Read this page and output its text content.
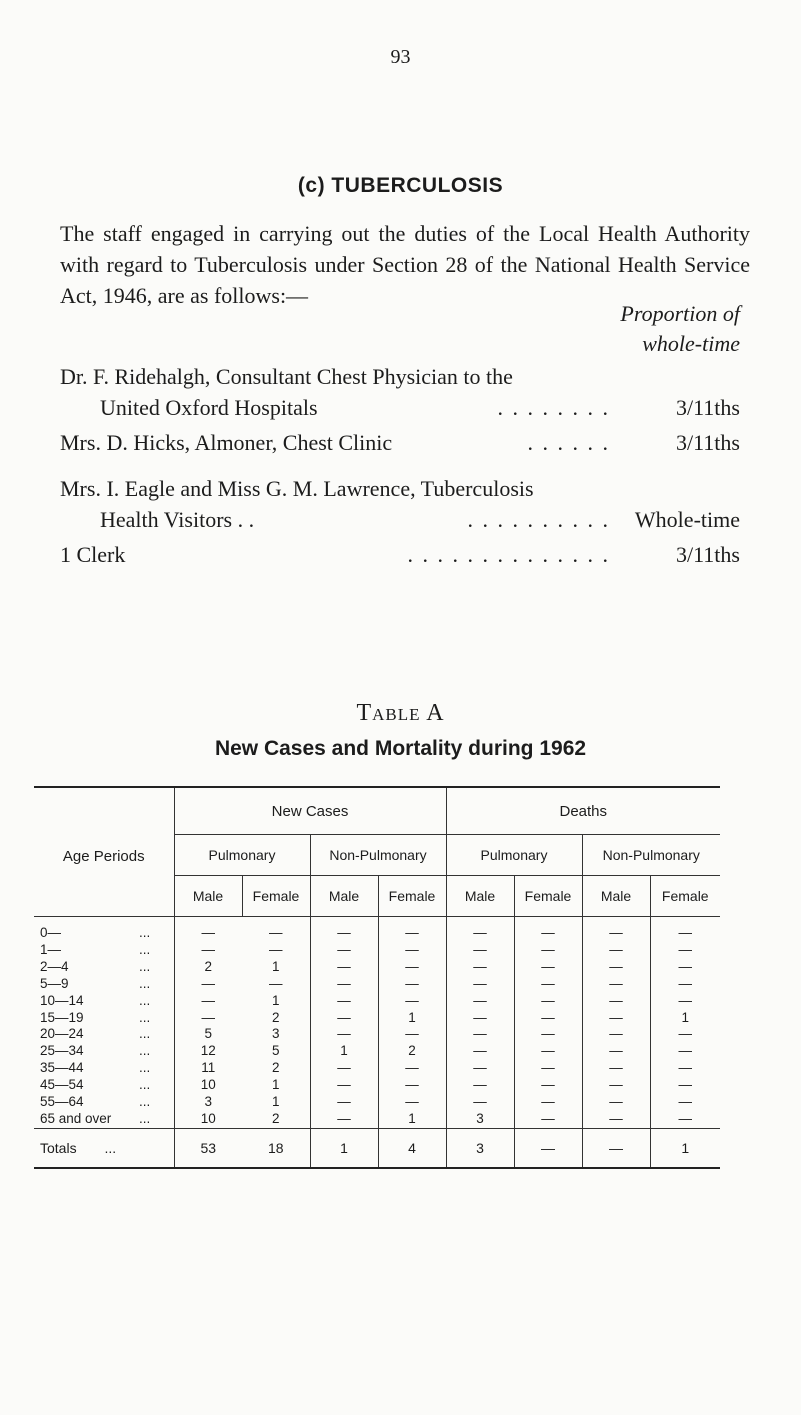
93
(c) TUBERCULOSIS
The staff engaged in carrying out the duties of the Local Health Authority with regard to Tuberculosis under Section 28 of the National Health Service Act, 1946, are as follows:—
Proportion of
whole-time
Dr. F. Ridehalgh, Consultant Chest Physician to the
United Oxford Hospitals	. . . . . . . .	3/11ths
Mrs. D. Hicks, Almoner, Chest Clinic	. . . . . .	3/11ths
Mrs. I. Eagle and Miss G. M. Lawrence, Tuberculosis
Health Visitors . .	. . . . . . . . . . Whole-time
1 Clerk	. . . . . . . . . . . . . .	3/11ths
Table A
New Cases and Mortality during 1962

Age Periods	New Cases				Deaths			
	Pulmonary		Non-Pulmonary		Pulmonary		Non-Pulmonary	
	Male	Female	Male	Female	Male	Female	Male	Female
0— ...	—	—	—	—	—	—	—	—
1— ...	—	—	—	—	—	—	—	—
2—4 ...	2	1	—	—	—	—	—	—
5—9 ...	—	—	—	—	—	—	—	—
10—14 ...	—	1	—	—	—	—	—	—
15—19 ...	—	2	—	1	—	—	—	1
20—24 ...	5	3	—	—	—	—	—	—
25—34 ...	12	5	1	2	—	—	—	—
35—44 ...	11	2	—	—	—	—	—	—
45—54 ...	10	1	—	—	—	—	—	—
55—64 ...	3	1	—	—	—	—	—	—
65 and over ...	10	2	—	1	3	—	—	—
Totals ...	53	18	1	4	3	—	—	1
